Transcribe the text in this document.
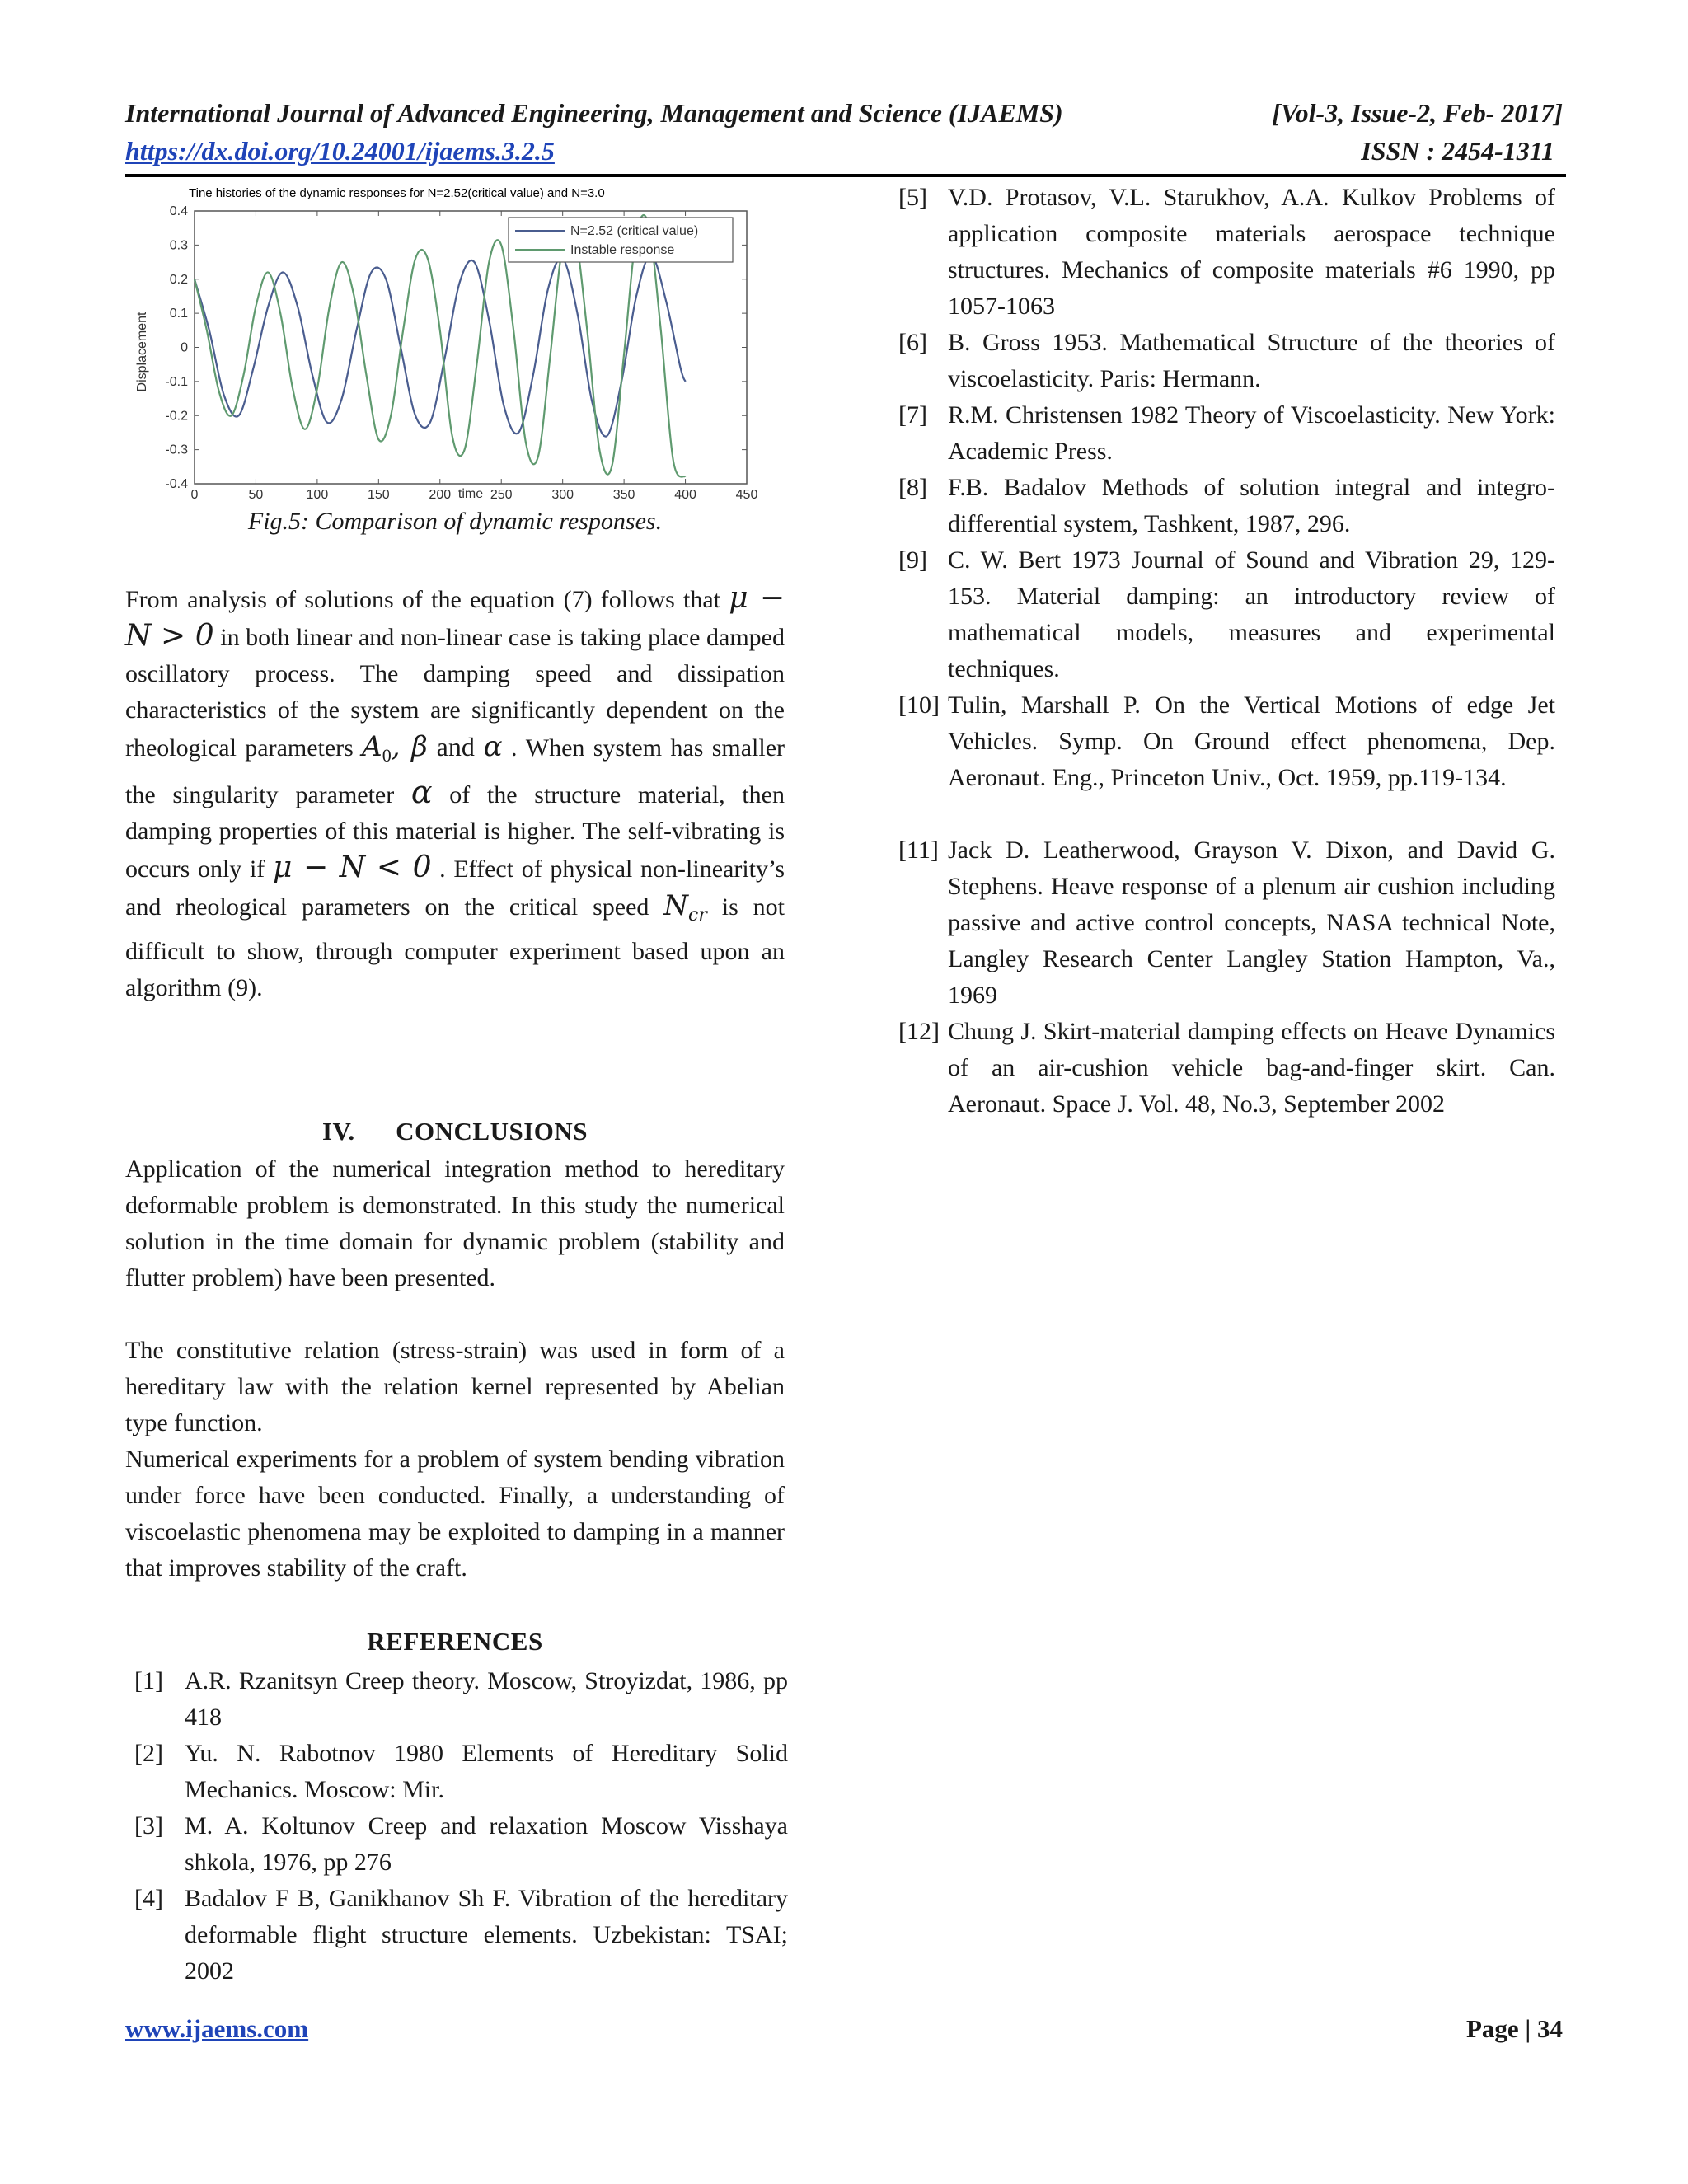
International Journal of Advanced Engineering, Management and Science (IJAEMS)	[Vol-3, Issue-2, Feb- 2017]
https://dx.doi.org/10.24001/ijaems.3.2.5	ISSN : 2454-1311
Tine histories of the dynamic responses for N=2.52(critical value) and N=3.0
0.4
0.3
0.2
0.1
0
-0.1
-0.2
-0.3
-0.4
0	50	100	150	200	250	300	350	400	450
Displacement
time
N=2.52 (critical value)
Instable response
Fig.5: Comparison of dynamic responses.
From analysis of solutions of the equation (7) follows that μ − N > 0 in both linear and non-linear case is taking place damped oscillatory process. The damping speed and dissipation characteristics of the system are significantly dependent on the rheological parameters $A_0$, β and α . When system has smaller the singularity parameter α of the structure material, then damping properties of this material is higher. The self-vibrating is occurs only if μ − N < 0 . Effect of physical non-linearity’s and rheological parameters on the critical speed $N_{cr}$ is not difficult to show, through computer experiment based upon an algorithm (9).
IV.      CONCLUSIONS
Application of the numerical integration method to hereditary deformable problem is demonstrated. In this study the numerical solution in the time domain for dynamic problem (stability and flutter problem) have been presented.
The constitutive relation (stress-strain) was used in form of a hereditary law with the relation kernel represented by Abelian type function.
Numerical experiments for a problem of system bending vibration under force have been conducted. Finally, a understanding of viscoelastic phenomena may be exploited to damping in a manner that improves stability of the craft.
REFERENCES
[1] A.R. Rzanitsyn Creep theory. Moscow, Stroyizdat, 1986, pp 418
[2] Yu. N. Rabotnov 1980 Elements of Hereditary Solid Mechanics. Moscow: Mir.
[3] M. A. Koltunov Creep and relaxation Moscow Visshaya shkola, 1976, pp 276
[4] Badalov F B, Ganikhanov Sh F. Vibration of the hereditary deformable flight structure elements. Uzbekistan: TSAI; 2002
[5] V.D. Protasov, V.L. Starukhov, A.A. Kulkov Problems of application composite materials aerospace technique structures. Mechanics of composite materials #6 1990, pp 1057-1063
[6] B. Gross 1953. Mathematical Structure of the theories of viscoelasticity. Paris: Hermann.
[7] R.M. Christensen 1982 Theory of Viscoelasticity. New York: Academic Press.
[8] F.B. Badalov Methods of solution integral and integro-differential system, Tashkent, 1987, 296.
[9] C. W. Bert 1973 Journal of Sound and Vibration 29, 129-153. Material damping: an introductory review of mathematical models, measures and experimental techniques.
[10] Tulin, Marshall P. On the Vertical Motions of edge Jet Vehicles. Symp. On Ground effect phenomena, Dep. Aeronaut. Eng., Princeton Univ., Oct. 1959, pp.119-134.
[11] Jack D. Leatherwood, Grayson V. Dixon, and David G. Stephens. Heave response of a plenum air cushion including passive and active control concepts, NASA technical Note, Langley Research Center Langley Station Hampton, Va., 1969
[12] Chung J. Skirt-material damping effects on Heave Dynamics of an air-cushion vehicle bag-and-finger skirt. Can. Aeronaut. Space J. Vol. 48, No.3, September 2002
www.ijaems.com	Page | 34
